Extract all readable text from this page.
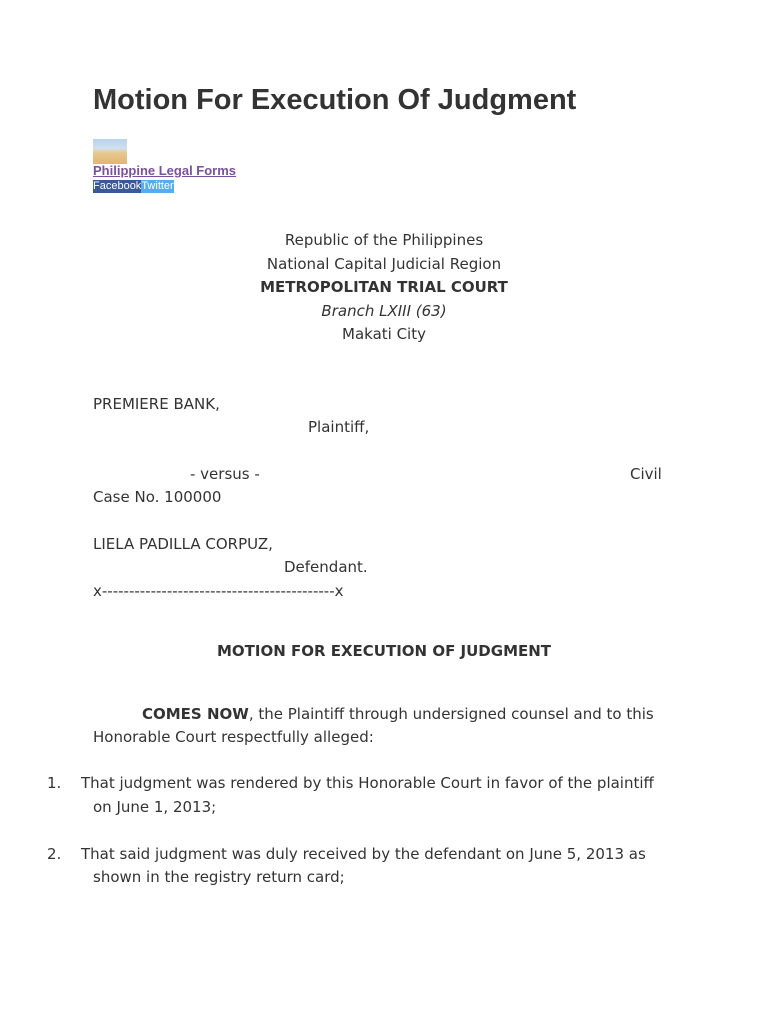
Motion For Execution Of Judgment
Philippine Legal Forms
Facebook Twitter
Republic of the Philippines
National Capital Judicial Region
METROPOLITAN TRIAL COURT
Branch LXIII (63)
Makati City
PREMIERE BANK,
Plaintiff,
- versus -	Civil
Case No. 100000
LIELA PADILLA CORPUZ,
Defendant.
x-------------------------------------------x
MOTION FOR EXECUTION OF JUDGMENT
COMES NOW, the Plaintiff through undersigned counsel and to this
Honorable Court respectfully alleged:
1. That judgment was rendered by this Honorable Court in favor of the plaintiff
on June 1, 2013;
2. That said judgment was duly received by the defendant on June 5, 2013 as
shown in the registry return card;
